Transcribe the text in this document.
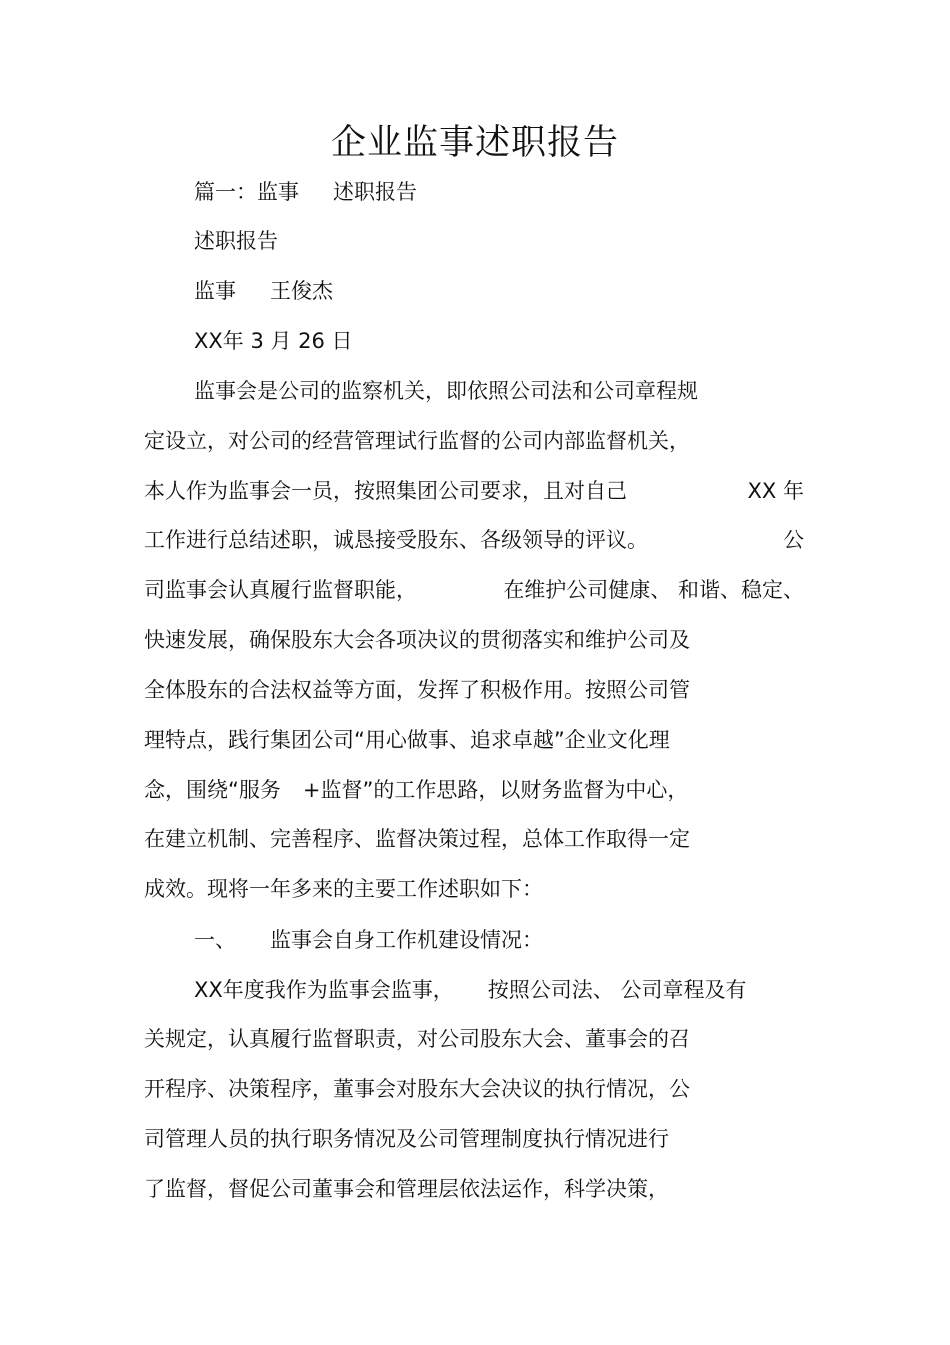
企业监事述职报告
篇一：监事 述职报告
述职报告
监事 王俊杰
XX年 3 月 26 日
监事会是公司的监察机关，即依照公司法和公司章程规
定设立，对公司的经营管理试行监督的公司内部监督机关，
本人作为监事会一员，按照集团公司要求，且对自己	XX 年
工作进行总结述职，诚恳接受股东、各级领导的评议。	公
司监事会认真履行监督职能，	在维护公司健康、 和谐、稳定、
快速发展，确保股东大会各项决议的贯彻落实和维护公司及
全体股东的合法权益等方面，发挥了积极作用。按照公司管
理特点，践行集团公司“用心做事、追求卓越”企业文化理
念，围绕“服务 +监督”的工作思路，以财务监督为中心，
在建立机制、完善程序、监督决策过程，总体工作取得一定
成效。现将一年多来的主要工作述职如下：
一、 监事会自身工作机建设情况：
XX年度我作为监事会监事， 按照公司法、 公司章程及有
关规定，认真履行监督职责，对公司股东大会、董事会的召
开程序、决策程序，董事会对股东大会决议的执行情况，公
司管理人员的执行职务情况及公司管理制度执行情况进行
了监督，督促公司董事会和管理层依法运作，科学决策，
